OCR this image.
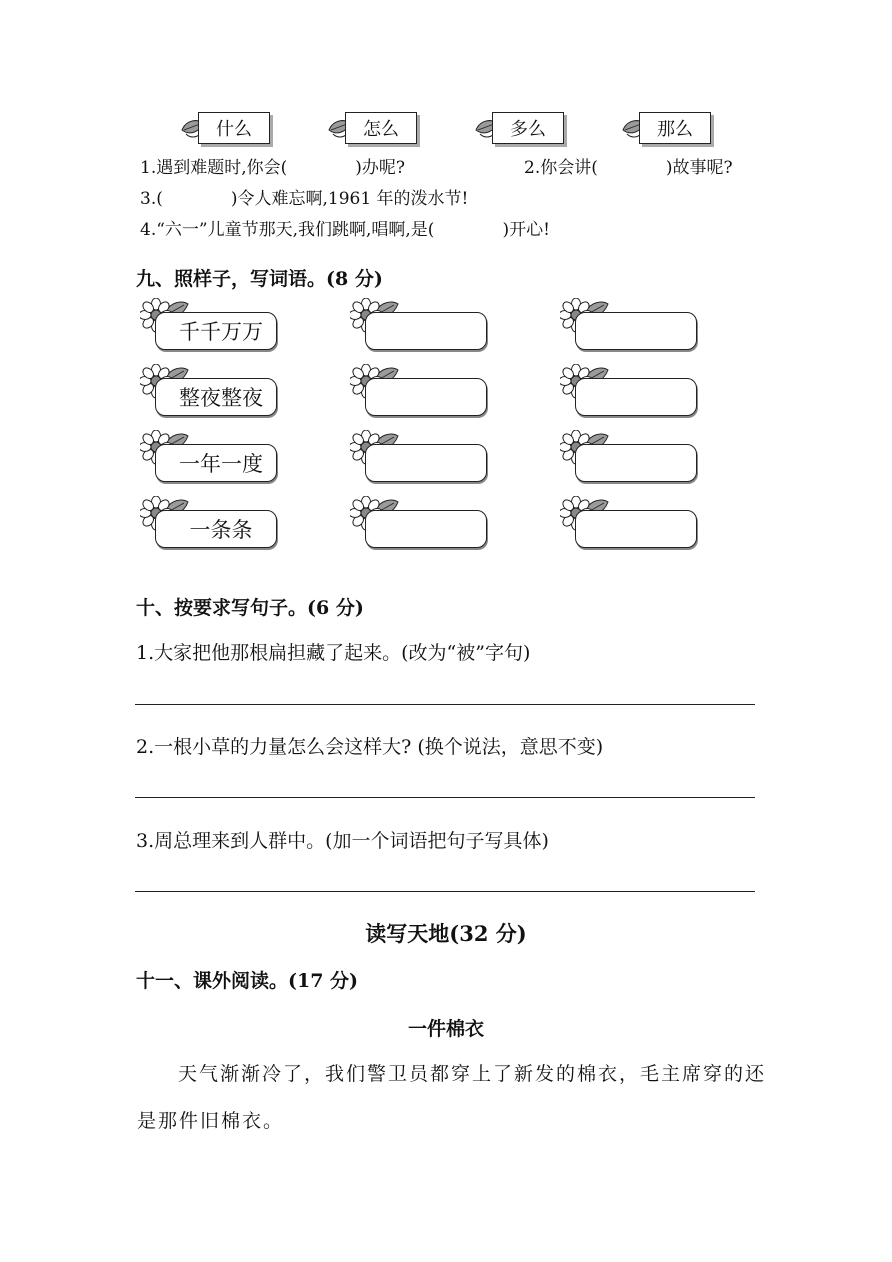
什么	怎么	多么	那么
1.遇到难题时,你会(　　　　)办呢?	2.你会讲(　　　　)故事呢?
3.(　　　　)令人难忘啊,1961 年的泼水节!
4.“六一”儿童节那天,我们跳啊,唱啊,是(　　　　)开心!
九、照样子，写词语。(8 分)
千千万万
整夜整夜
一年一度
一条条
十、按要求写句子。(6 分)
1.大家把他那根扁担藏了起来。(改为“被”字句)
2.一根小草的力量怎么会这样大? (换个说法，意思不变)
3.周总理来到人群中。(加一个词语把句子写具体)
读写天地(32 分)
十一、课外阅读。(17 分)
一件棉衣
天气渐渐冷了，我们警卫员都穿上了新发的棉衣，毛主席穿的还
是那件旧棉衣。
